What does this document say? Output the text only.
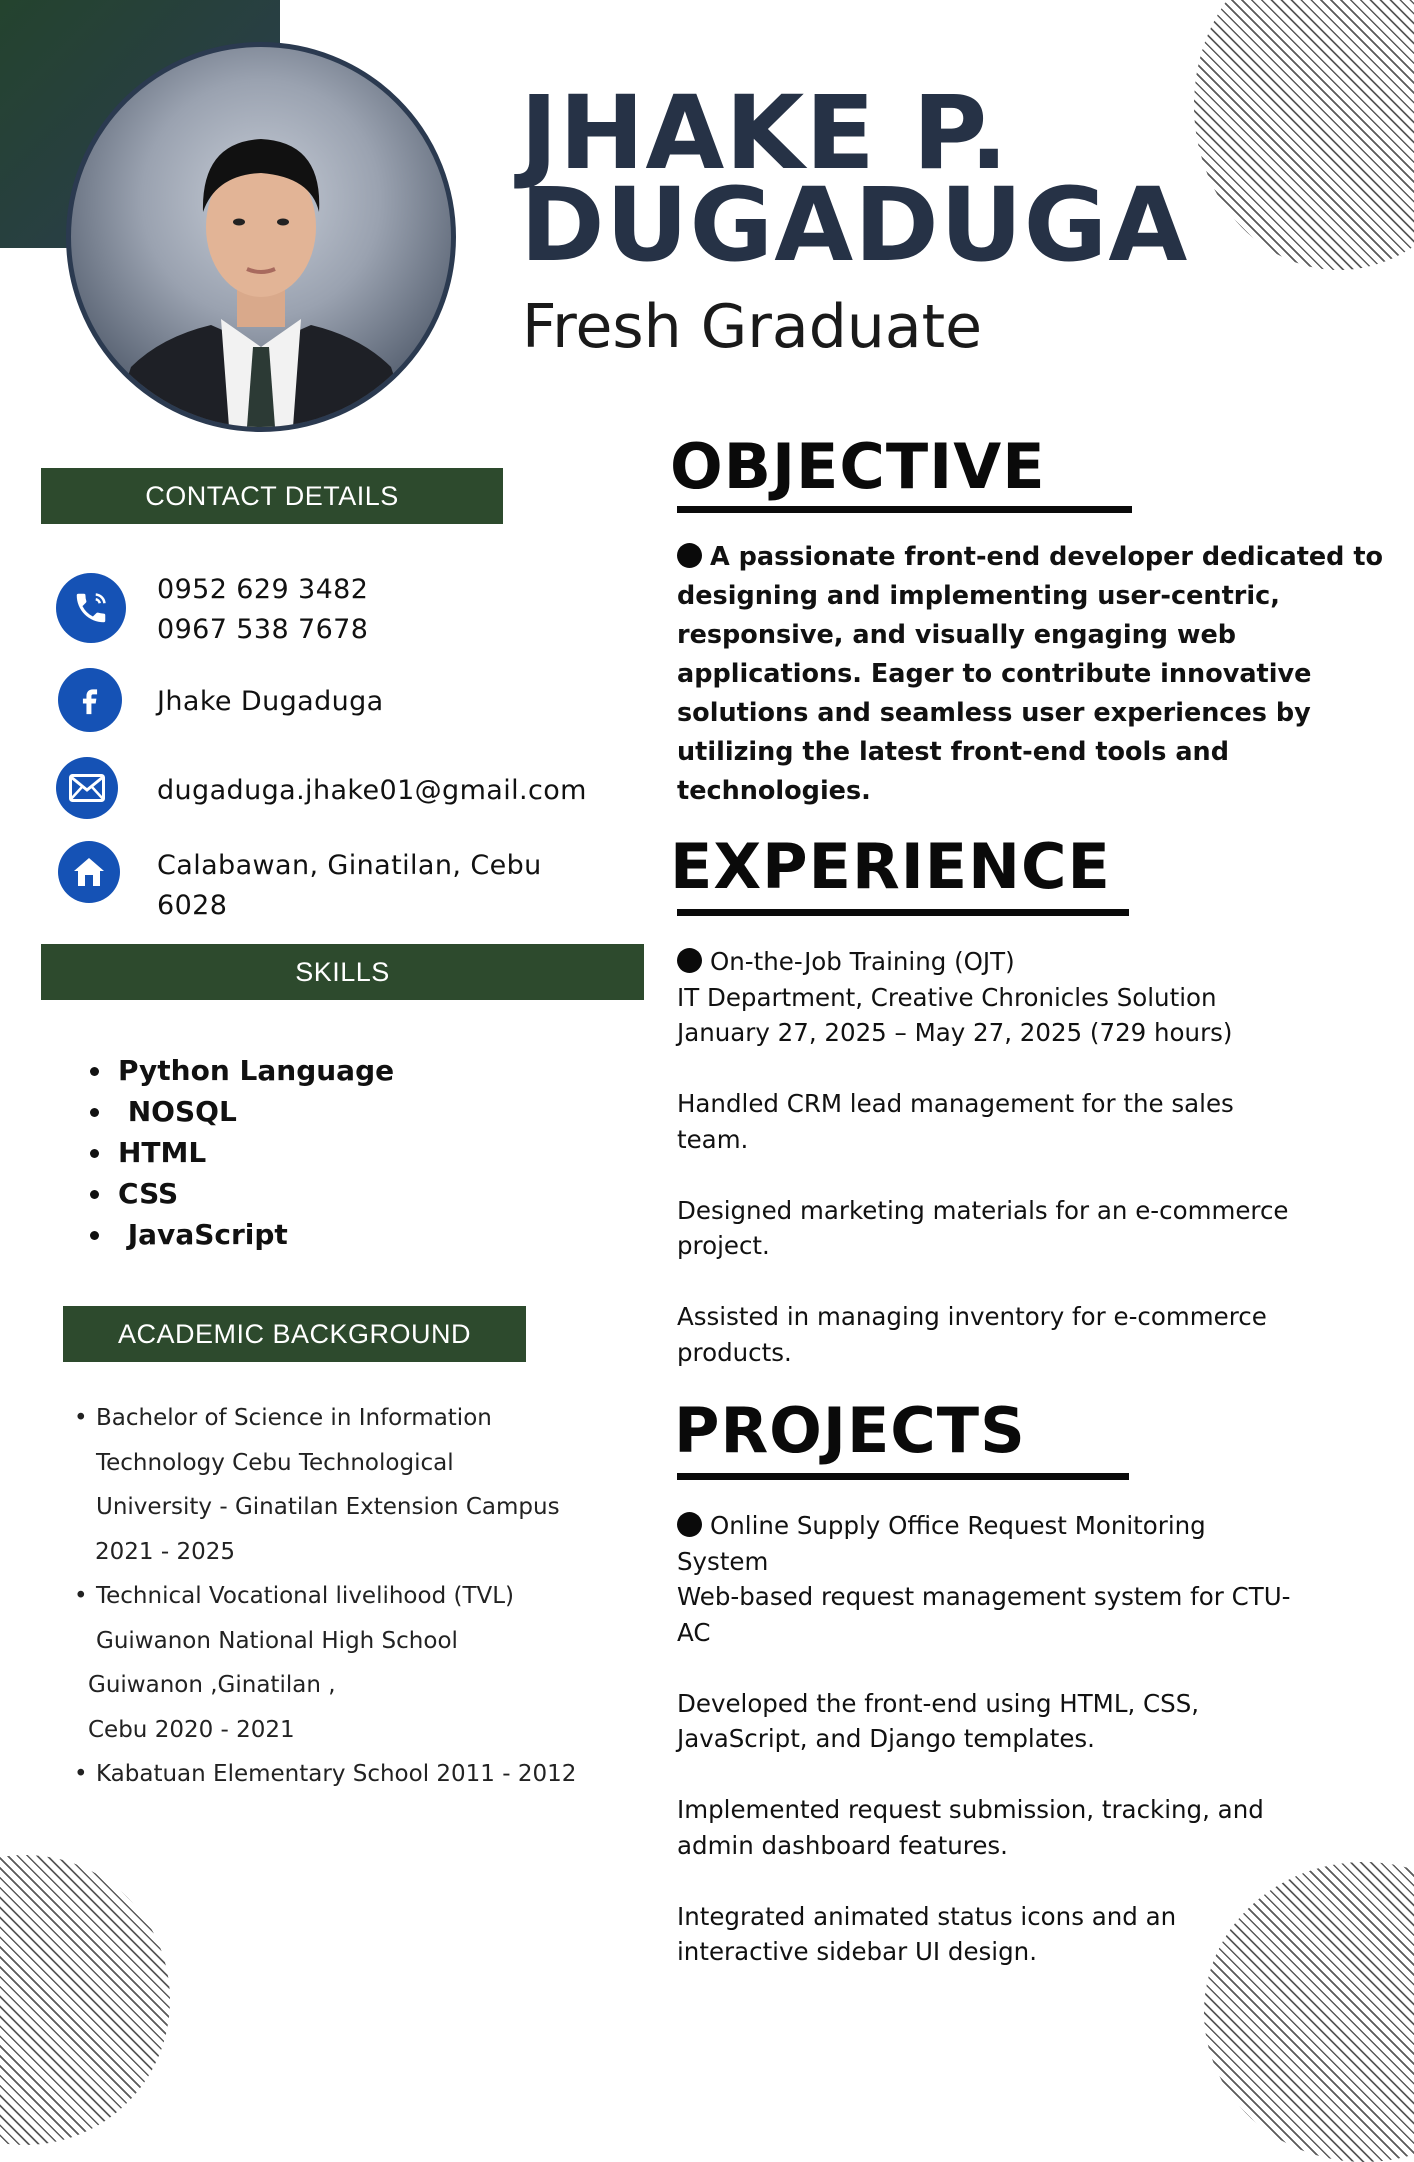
JHAKE P.
DUGADUGA
Fresh Graduate
CONTACT DETAILS
0952 629 3482
0967 538 7678
Jhake Dugaduga
dugaduga.jhake01@gmail.com
Calabawan, Ginatilan, Cebu
6028
SKILLS
• Python Language
•  NOSQL
• HTML
• CSS
•  JavaScript
ACADEMIC BACKGROUND
• Bachelor of Science in Information
Technology Cebu Technological
University - Ginatilan Extension Campus
2021 - 2025
• Technical Vocational livelihood (TVL)
Guiwanon National High School
Guiwanon ,Ginatilan ,
Cebu 2020 - 2021
• Kabatuan Elementary School 2011 - 2012
OBJECTIVE
A passionate front-end developer dedicated to designing and implementing user-centric, responsive, and visually engaging web applications. Eager to contribute innovative solutions and seamless user experiences by utilizing the latest front-end tools and technologies.
EXPERIENCE
On-the-Job Training (OJT)
IT Department, Creative Chronicles Solution
January 27, 2025 – May 27, 2025 (729 hours)
Handled CRM lead management for the sales team.
Designed marketing materials for an e-commerce project.
Assisted in managing inventory for e-commerce products.
PROJECTS
Online Supply Office Request Monitoring System
Web-based request management system for CTU-AC
Developed the front-end using HTML, CSS, JavaScript, and Django templates.
Implemented request submission, tracking, and admin dashboard features.
Integrated animated status icons and an interactive sidebar UI design.
